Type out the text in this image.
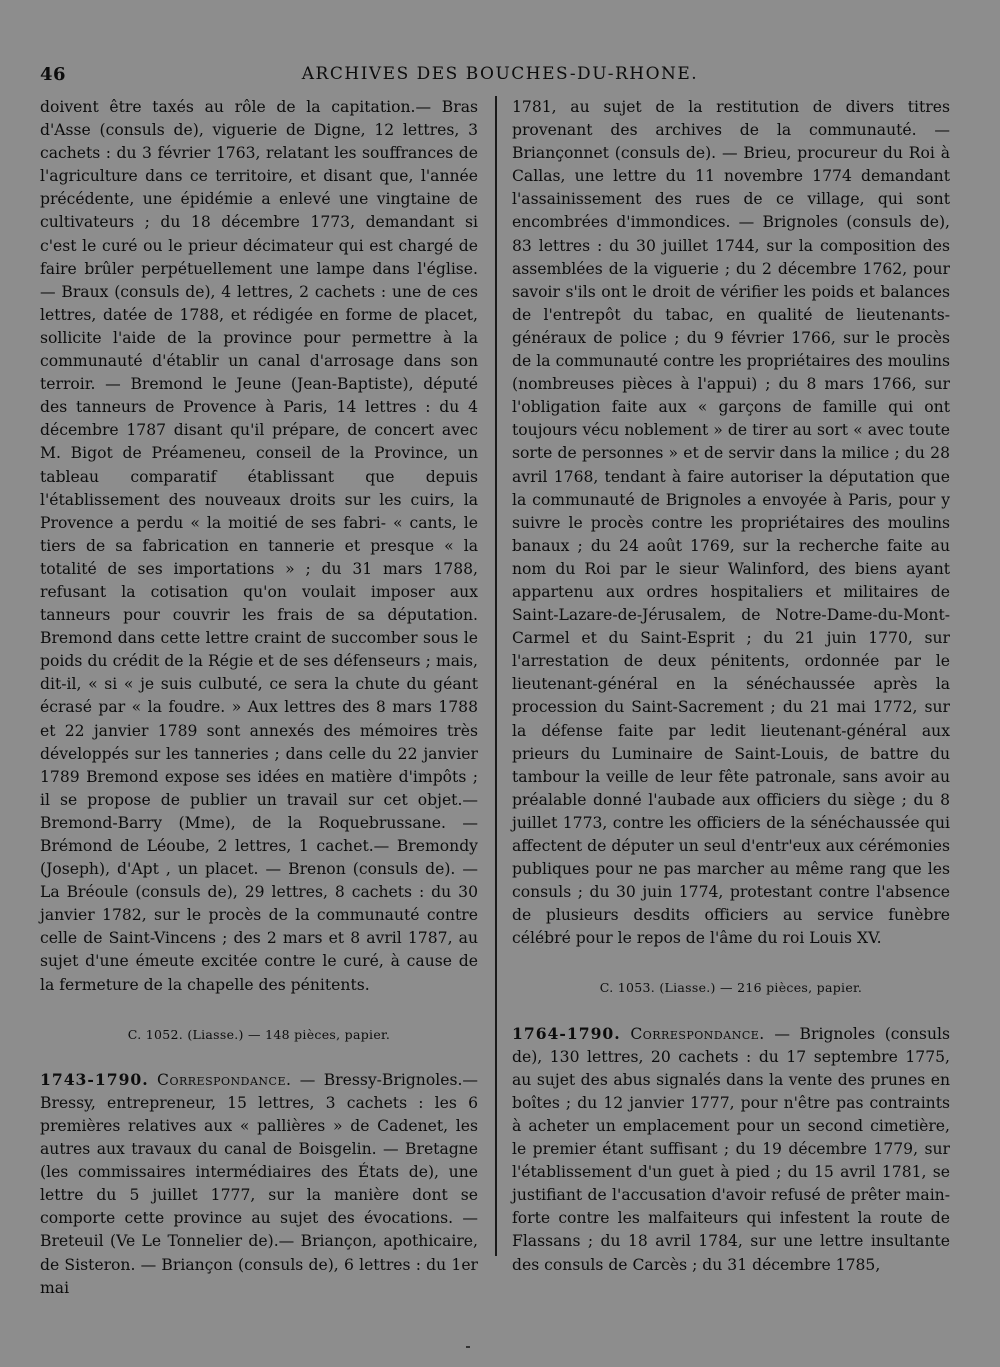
46	ARCHIVES DES BOUCHES-DU-RHONE.

doivent être taxés au rôle de la capitation.— Bras d'Asse (consuls de), viguerie de Digne, 12 lettres, 3 cachets : du 3 février 1763, relatant les souffrances de l'agriculture dans ce territoire, et disant que, l'année précédente, une épidémie a enlevé une vingtaine de cultivateurs ; du 18 décembre 1773, demandant si c'est le curé ou le prieur décimateur qui est chargé de faire brûler perpétuellement une lampe dans l'église. — Braux (consuls de), 4 lettres, 2 cachets : une de ces lettres, datée de 1788, et rédigée en forme de placet, sollicite l'aide de la province pour permettre à la communauté d'établir un canal d'arrosage dans son terroir. — Bremond le Jeune (Jean-Baptiste), député des tanneurs de Provence à Paris, 14 lettres : du 4 décembre 1787 disant qu'il prépare, de concert avec M. Bigot de Préameneu, conseil de la Province, un tableau comparatif établissant que depuis l'établissement des nouveaux droits sur les cuirs, la Provence a perdu « la moitié de ses fabri- « cants, le tiers de sa fabrication en tannerie et presque « la totalité de ses importations » ; du 31 mars 1788, refusant la cotisation qu'on voulait imposer aux tanneurs pour couvrir les frais de sa députation. Bremond dans cette lettre craint de succomber sous le poids du crédit de la Régie et de ses défenseurs ; mais, dit-il, « si « je suis culbuté, ce sera la chute du géant écrasé par « la foudre. » Aux lettres des 8 mars 1788 et 22 janvier 1789 sont annexés des mémoires très développés sur les tanneries ; dans celle du 22 janvier 1789 Bremond expose ses idées en matière d'impôts ; il se propose de publier un travail sur cet objet.— Bremond-Barry (Mme), de la Roquebrussane. — Brémond de Léoube, 2 lettres, 1 cachet.— Bremondy (Joseph), d'Apt , un placet. — Brenon (consuls de). — La Bréoule (consuls de), 29 lettres, 8 cachets : du 30 janvier 1782, sur le procès de la communauté contre celle de Saint-Vincens ; des 2 mars et 8 avril 1787, au sujet d'une émeute excitée contre le curé, à cause de la fermeture de la chapelle des pénitents.

C. 1052. (Liasse.) — 148 pièces, papier.

1743-1790. Correspondance. — Bressy-Brignoles.— Bressy, entrepreneur, 15 lettres, 3 cachets : les 6 premières relatives aux « pallières » de Cadenet, les autres aux travaux du canal de Boisgelin. — Bretagne (les commissaires intermédiaires des États de), une lettre du 5 juillet 1777, sur la manière dont se comporte cette province au sujet des évocations. — Breteuil (Ve Le Tonnelier de).— Briançon, apothicaire, de Sisteron. — Briançon (consuls de), 6 lettres : du 1er mai

1781, au sujet de la restitution de divers titres provenant des archives de la communauté. — Briançonnet (consuls de). — Brieu, procureur du Roi à Callas, une lettre du 11 novembre 1774 demandant l'assainissement des rues de ce village, qui sont encombrées d'immondices. — Brignoles (consuls de), 83 lettres : du 30 juillet 1744, sur la composition des assemblées de la viguerie ; du 2 décembre 1762, pour savoir s'ils ont le droit de vérifier les poids et balances de l'entrepôt du tabac, en qualité de lieutenants-généraux de police ; du 9 février 1766, sur le procès de la communauté contre les propriétaires des moulins (nombreuses pièces à l'appui) ; du 8 mars 1766, sur l'obligation faite aux « garçons de famille qui ont toujours vécu noblement » de tirer au sort « avec toute sorte de personnes » et de servir dans la milice ; du 28 avril 1768, tendant à faire autoriser la députation que la communauté de Brignoles a envoyée à Paris, pour y suivre le procès contre les propriétaires des moulins banaux ; du 24 août 1769, sur la recherche faite au nom du Roi par le sieur Walinford, des biens ayant appartenu aux ordres hospitaliers et militaires de Saint-Lazare-de-Jérusalem, de Notre-Dame-du-Mont-Carmel et du Saint-Esprit ; du 21 juin 1770, sur l'arrestation de deux pénitents, ordonnée par le lieutenant-général en la sénéchaussée après la procession du Saint-Sacrement ; du 21 mai 1772, sur la défense faite par ledit lieutenant-général aux prieurs du Luminaire de Saint-Louis, de battre du tambour la veille de leur fête patronale, sans avoir au préalable donné l'aubade aux officiers du siège ; du 8 juillet 1773, contre les officiers de la sénéchaussée qui affectent de députer un seul d'entr'eux aux cérémonies publiques pour ne pas marcher au même rang que les consuls ; du 30 juin 1774, protestant contre l'absence de plusieurs desdits officiers au service funèbre célébré pour le repos de l'âme du roi Louis XV.

C. 1053. (Liasse.) — 216 pièces, papier.

1764-1790. Correspondance. — Brignoles (consuls de), 130 lettres, 20 cachets : du 17 septembre 1775, au sujet des abus signalés dans la vente des prunes en boîtes ; du 12 janvier 1777, pour n'être pas contraints à acheter un emplacement pour un second cimetière, le premier étant suffisant ; du 19 décembre 1779, sur l'établissement d'un guet à pied ; du 15 avril 1781, se justifiant de l'accusation d'avoir refusé de prêter main-forte contre les malfaiteurs qui infestent la route de Flassans ; du 18 avril 1784, sur une lettre insultante des consuls de Carcès ; du 31 décembre 1785,
